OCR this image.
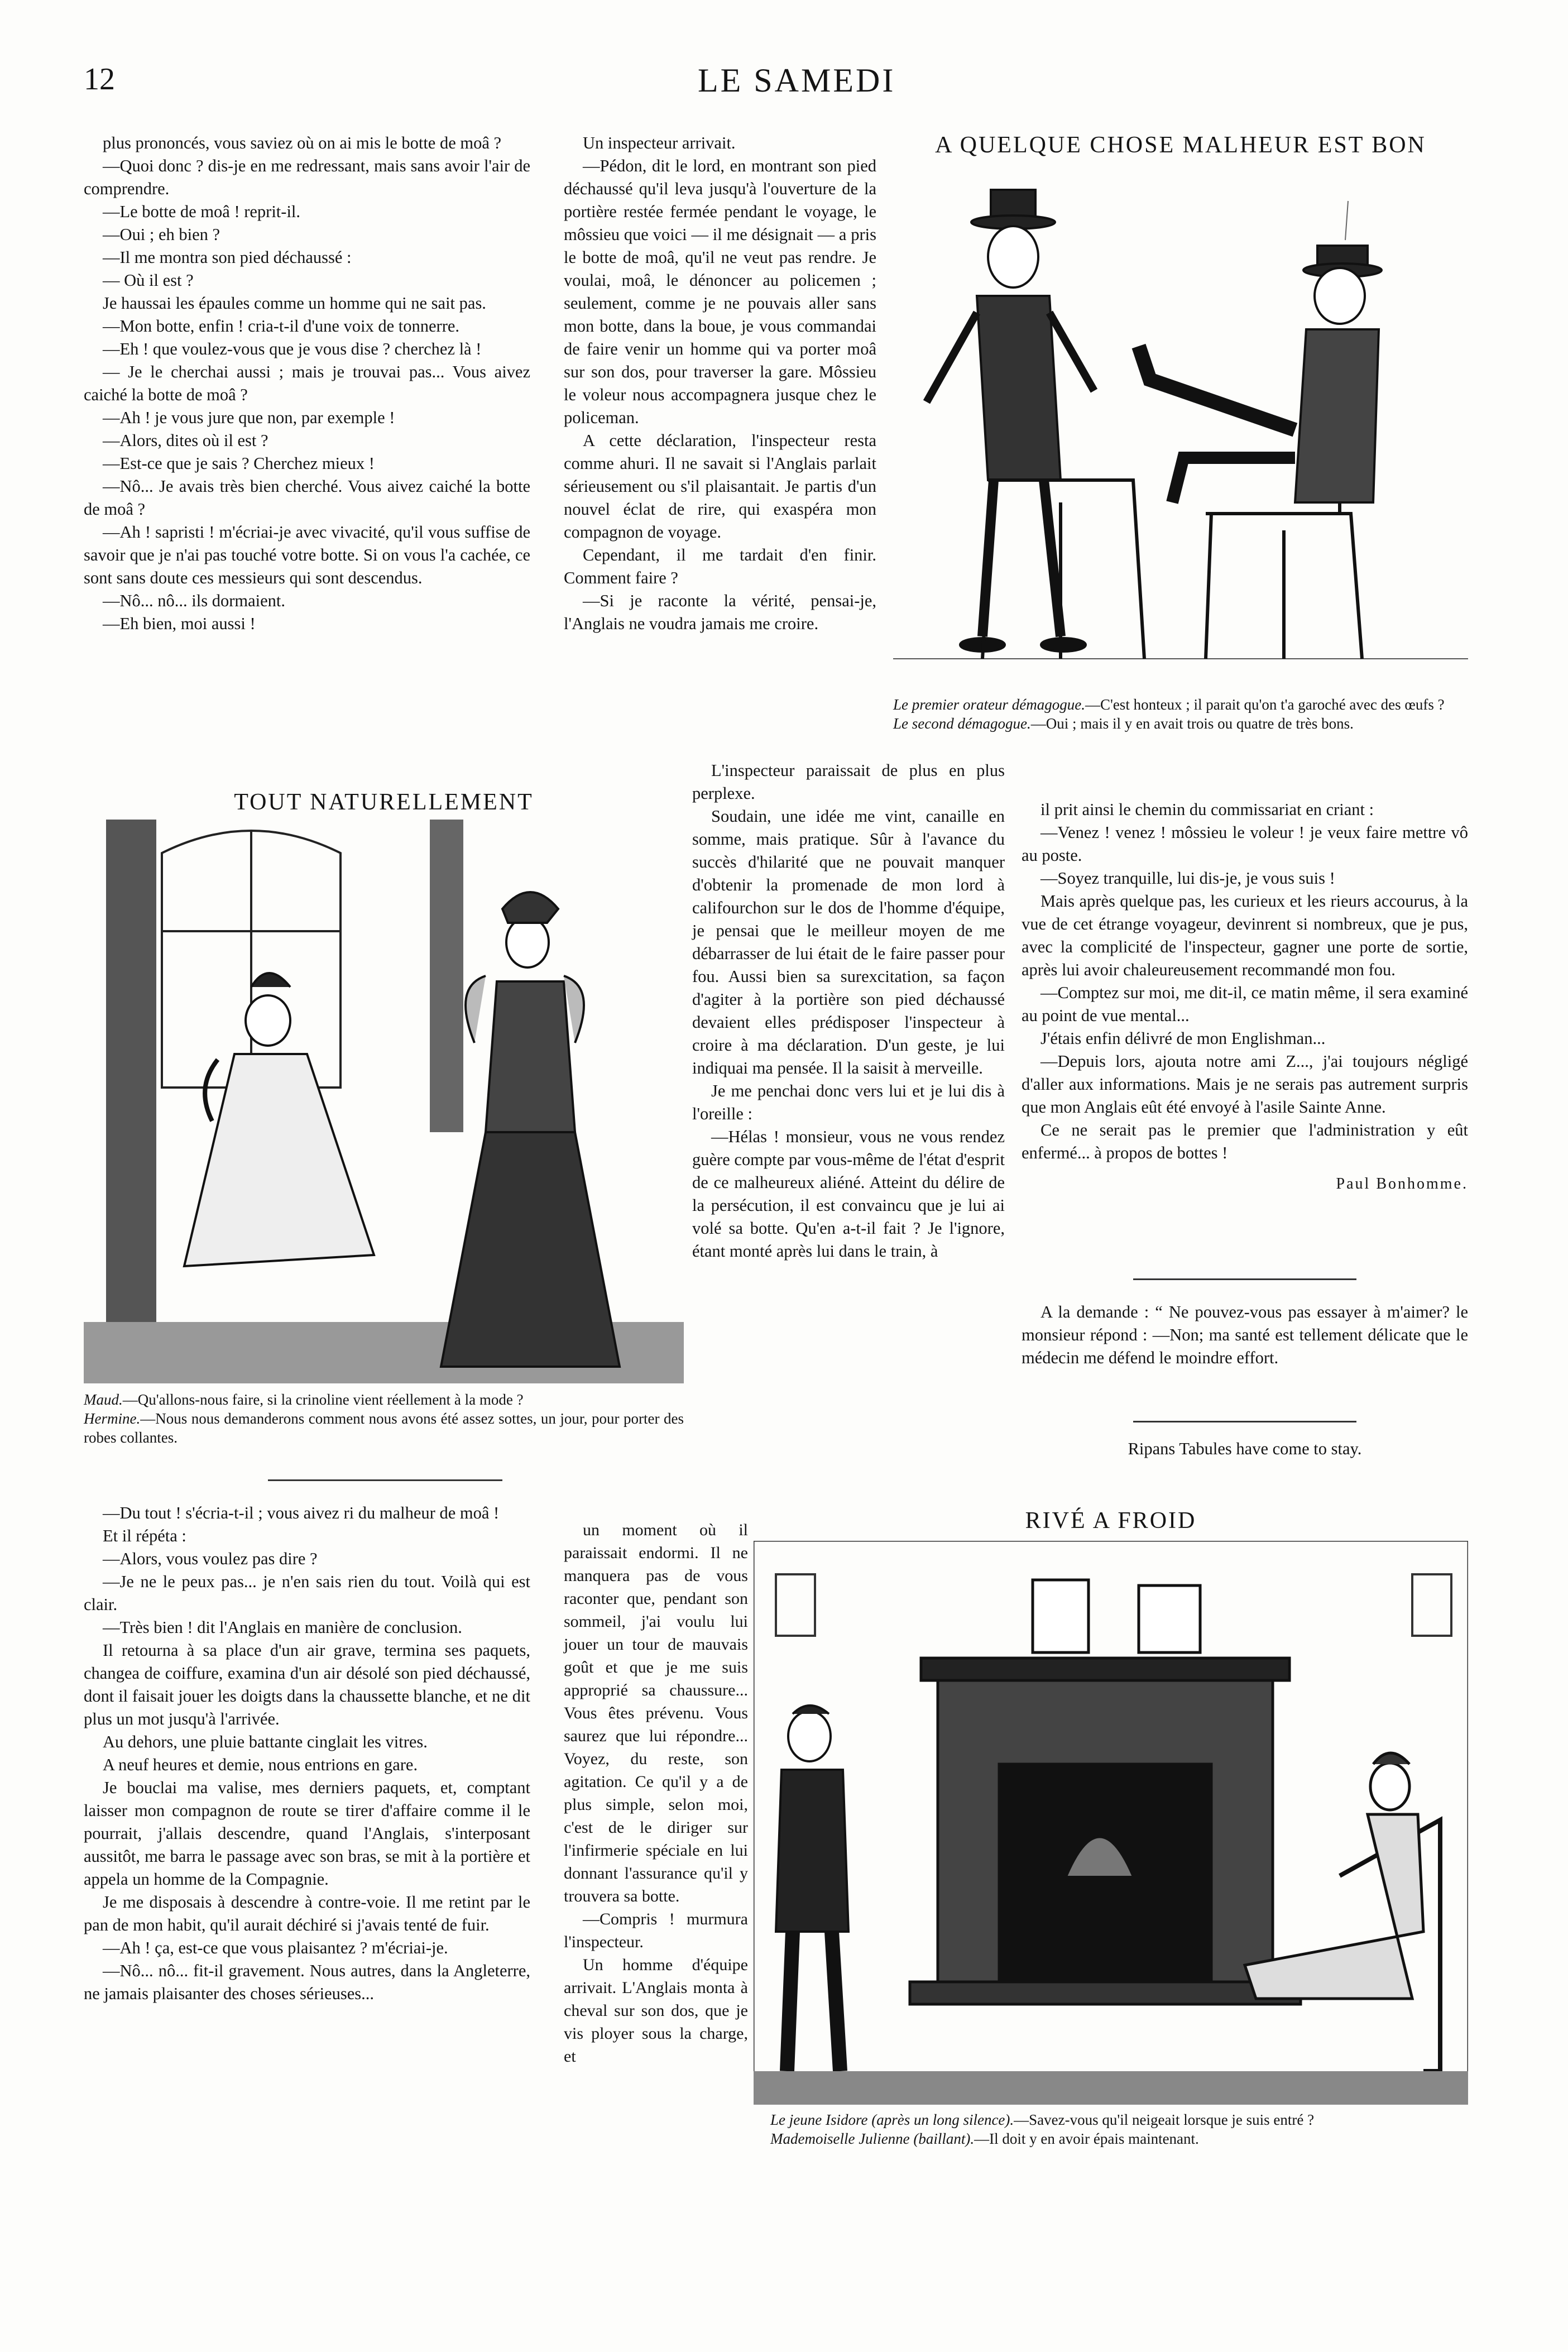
12	LE SAMEDI

plus prononcés, vous saviez où on ai mis le botte de moâ ?

—Quoi donc ? dis-je en me redressant, mais sans avoir l'air de comprendre.

—Le botte de moâ ! reprit-il.

—Oui ; eh bien ?

—Il me montra son pied déchaussé :

— Où il est ?

Je haussai les épaules comme un homme qui ne sait pas.

—Mon botte, enfin ! cria-t-il d'une voix de tonnerre.

—Eh ! que voulez-vous que je vous dise ? cherchez là !

— Je le cherchai aussi ; mais je trouvai pas... Vous aivez caiché la botte de moâ ?

—Ah ! je vous jure que non, par exemple !

—Alors, dites où il est ?

—Est-ce que je sais ? Cherchez mieux !

—Nô... Je avais très bien cherché. Vous aivez caiché la botte de moâ ?

—Ah ! sapristi ! m'écriai-je avec vivacité, qu'il vous suffise de savoir que je n'ai pas touché votre botte. Si on vous l'a cachée, ce sont sans doute ces messieurs qui sont descendus.

—Nô... nô... ils dormaient.

—Eh bien, moi aussi !

Un inspecteur arrivait.

—Pédon, dit le lord, en montrant son pied déchaussé qu'il leva jusqu'à l'ouverture de la portière restée fermée pendant le voyage, le môssieu que voici — il me désignait — a pris le botte de moâ, qu'il ne veut pas rendre. Je voulai, moâ, le dénoncer au policemen ; seulement, comme je ne pouvais aller sans mon botte, dans la boue, je vous commandai de faire venir un homme qui va porter moâ sur son dos, pour traverser la gare. Môssieu le voleur nous accompagnera jusque chez le policeman.

A cette déclaration, l'inspecteur resta comme ahuri. Il ne savait si l'Anglais parlait sérieusement ou s'il plaisantait. Je partis d'un nouvel éclat de rire, qui exaspéra mon compagnon de voyage.

Cependant, il me tardait d'en finir. Comment faire ?

—Si je raconte la vérité, pensai-je, l'Anglais ne voudra jamais me croire.

A QUELQUE CHOSE MALHEUR EST BON

Le premier orateur démagogue.—C'est honteux ; il parait qu'on t'a garoché avec des œufs ?

Le second démagogue.—Oui ; mais il y en avait trois ou quatre de très bons.

TOUT NATURELLEMENT

Maud.—Qu'allons-nous faire, si la crinoline vient réellement à la mode ?

Hermine.—Nous nous demanderons comment nous avons été assez sottes, un jour, pour porter des robes collantes.

—Du tout ! s'écria-t-il ; vous aivez ri du malheur de moâ !

Et il répéta :

—Alors, vous voulez pas dire ?

—Je ne le peux pas... je n'en sais rien du tout. Voilà qui est clair.

—Très bien ! dit l'Anglais en manière de conclusion.

Il retourna à sa place d'un air grave, termina ses paquets, changea de coiffure, examina d'un air désolé son pied déchaussé, dont il faisait jouer les doigts dans la chaussette blanche, et ne dit plus un mot jusqu'à l'arrivée.

Au dehors, une pluie battante cinglait les vitres.

A neuf heures et demie, nous entrions en gare.

Je bouclai ma valise, mes derniers paquets, et, comptant laisser mon compagnon de route se tirer d'affaire comme il le pourrait, j'allais descendre, quand l'Anglais, s'interposant aussitôt, me barra le passage avec son bras, se mit à la portière et appela un homme de la Compagnie.

Je me disposais à descendre à contre-voie. Il me retint par le pan de mon habit, qu'il aurait déchiré si j'avais tenté de fuir.

—Ah ! ça, est-ce que vous plaisantez ? m'écriai-je.

—Nô... nô... fit-il gravement. Nous autres, dans la Angleterre, ne jamais plaisanter des choses sérieuses...

L'inspecteur paraissait de plus en plus perplexe.

Soudain, une idée me vint, canaille en somme, mais pratique. Sûr à l'avance du succès d'hilarité que ne pouvait manquer d'obtenir la promenade de mon lord à califourchon sur le dos de l'homme d'équipe, je pensai que le meilleur moyen de me débarrasser de lui était de le faire passer pour fou. Aussi bien sa surexcitation, sa façon d'agiter à la portière son pied déchaussé devaient elles prédisposer l'inspecteur à croire à ma déclaration. D'un geste, je lui indiquai ma pensée. Il la saisit à merveille.

Je me penchai donc vers lui et je lui dis à l'oreille :

—Hélas ! monsieur, vous ne vous rendez guère compte par vous-même de l'état d'esprit de ce malheureux aliéné. Atteint du délire de la persécution, il est convaincu que je lui ai volé sa botte. Qu'en a-t-il fait ? Je l'ignore, étant monté après lui dans le train, à

un moment où il paraissait endormi. Il ne manquera pas de vous raconter que, pendant son sommeil, j'ai voulu lui jouer un tour de mauvais goût et que je me suis approprié sa chaussure... Vous êtes prévenu. Vous saurez que lui répondre... Voyez, du reste, son agitation. Ce qu'il y a de plus simple, selon moi, c'est de le diriger sur l'infirmerie spéciale en lui donnant l'assurance qu'il y trouvera sa botte.

—Compris ! murmura l'inspecteur.

Un homme d'équipe arrivait. L'Anglais monta à cheval sur son dos, que je vis ployer sous la charge, et

il prit ainsi le chemin du commissariat en criant :

—Venez ! venez ! môssieu le voleur ! je veux faire mettre vô au poste.

—Soyez tranquille, lui dis-je, je vous suis !

Mais après quelque pas, les curieux et les rieurs accourus, à la vue de cet étrange voyageur, devinrent si nombreux, que je pus, avec la complicité de l'inspecteur, gagner une porte de sortie, après lui avoir chaleureusement recommandé mon fou.

—Comptez sur moi, me dit-il, ce matin même, il sera examiné au point de vue mental...

J'étais enfin délivré de mon Englishman...

—Depuis lors, ajouta notre ami Z..., j'ai toujours négligé d'aller aux informations. Mais je ne serais pas autrement surpris que mon Anglais eût été envoyé à l'asile Sainte Anne.

Ce ne serait pas le premier que l'administration y eût enfermé... à propos de bottes !

Paul Bonhomme.

A la demande : “ Ne pouvez-vous pas essayer à m'aimer? le monsieur répond : —Non; ma santé est tellement délicate que le médecin me défend le moindre effort.

Ripans Tabules have come to stay.

RIVÉ A FROID

Le jeune Isidore (après un long silence).—Savez-vous qu'il neigeait lorsque je suis entré ?

Mademoiselle Julienne (baillant).—Il doit y en avoir épais maintenant.
